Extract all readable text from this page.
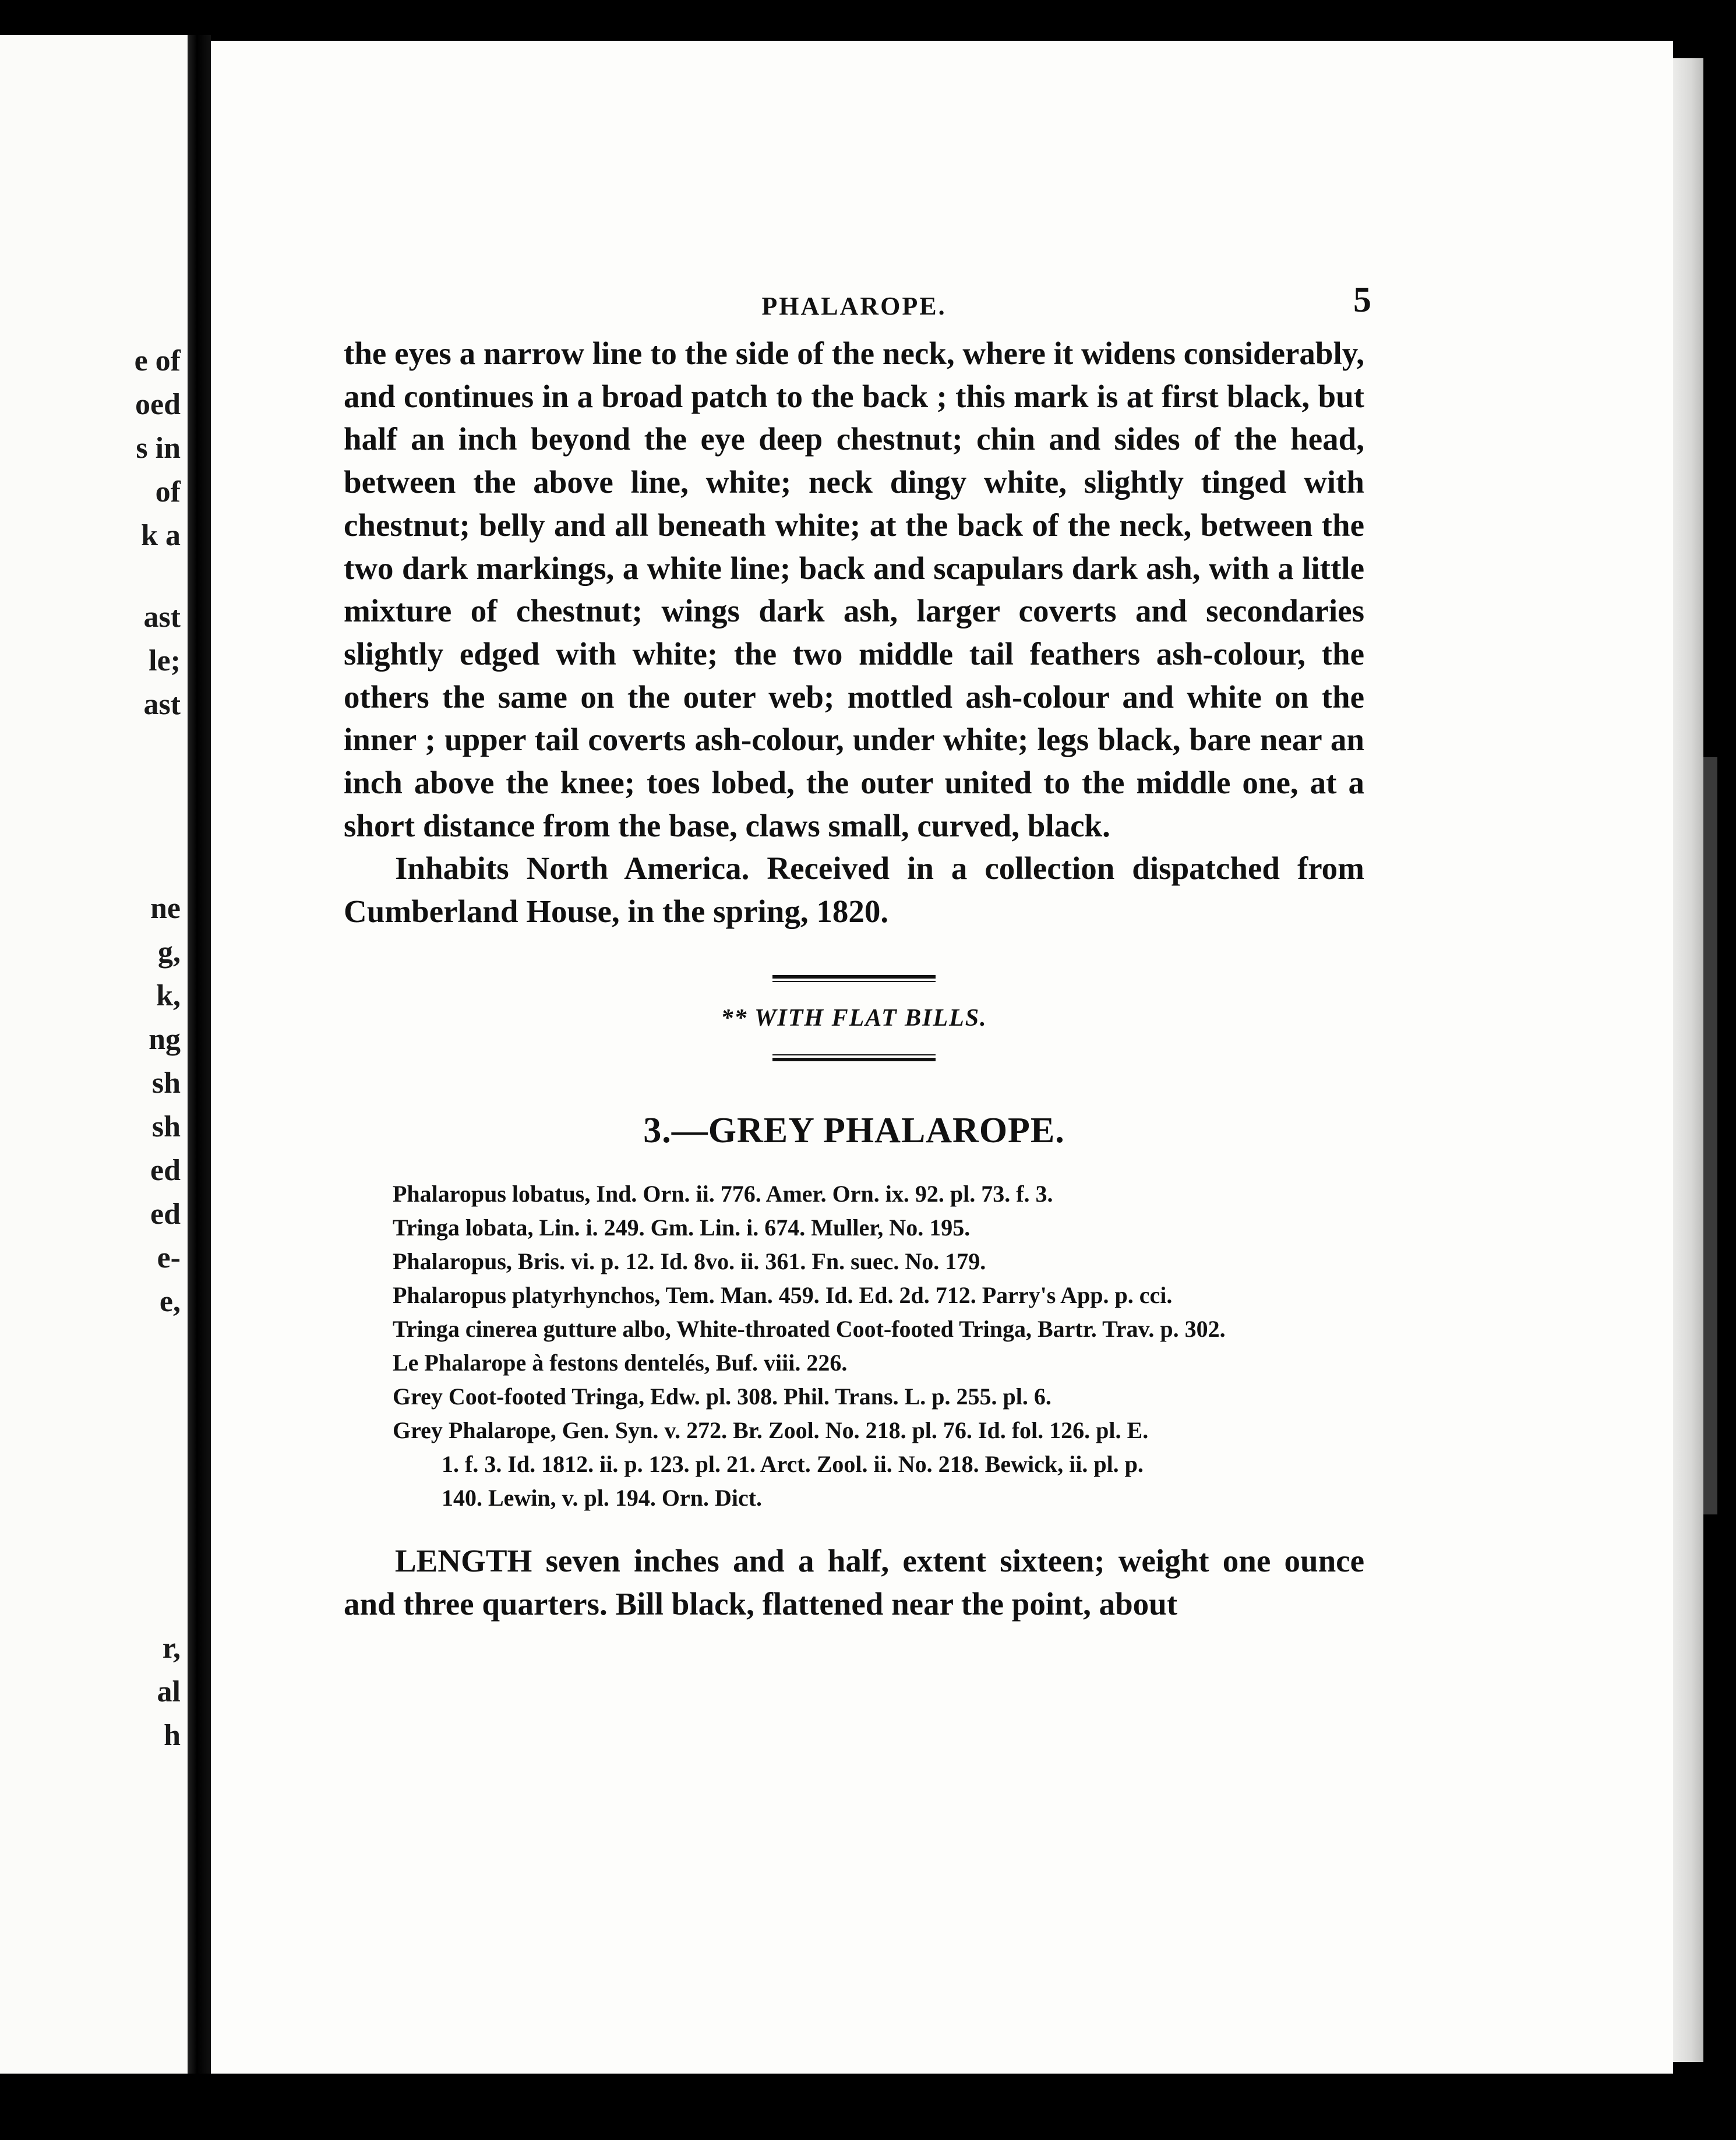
e of
oed
s in
of
k a
ast
le;
ast
ne
g,
k,
ng
sh
sh
ed
ed
e-
e,
r,
al
h
PHALAROPE.	5

the eyes a narrow line to the side of the neck, where it widens considerably, and continues in a broad patch to the back ; this mark is at first black, but half an inch beyond the eye deep chestnut; chin and sides of the head, between the above line, white; neck dingy white, slightly tinged with chestnut; belly and all beneath white; at the back of the neck, between the two dark markings, a white line; back and scapulars dark ash, with a little mixture of chestnut; wings dark ash, larger coverts and secondaries slightly edged with white; the two middle tail feathers ash-colour, the others the same on the outer web; mottled ash-colour and white on the inner ; upper tail coverts ash-colour, under white; legs black, bare near an inch above the knee; toes lobed, the outer united to the middle one, at a short distance from the base, claws small, curved, black.

Inhabits North America. Received in a collection dispatched from Cumberland House, in the spring, 1820.

** WITH FLAT BILLS.
3.—GREY PHALAROPE.
Phalaropus lobatus, Ind. Orn. ii. 776. Amer. Orn. ix. 92. pl. 73. f. 3.
Tringa lobata, Lin. i. 249. Gm. Lin. i. 674. Muller, No. 195.
Phalaropus, Bris. vi. p. 12. Id. 8vo. ii. 361. Fn. suec. No. 179.
Phalaropus platyrhynchos, Tem. Man. 459. Id. Ed. 2d. 712. Parry's App. p. cci.
Tringa cinerea gutture albo, White-throated Coot-footed Tringa, Bartr. Trav. p. 302.
Le Phalarope à festons dentelés, Buf. viii. 226.
Grey Coot-footed Tringa, Edw. pl. 308. Phil. Trans. L. p. 255. pl. 6.
Grey Phalarope, Gen. Syn. v. 272. Br. Zool. No. 218. pl. 76. Id. fol. 126. pl. E.
1. f. 3. Id. 1812. ii. p. 123. pl. 21. Arct. Zool. ii. No. 218. Bewick, ii. pl. p.
140. Lewin, v. pl. 194. Orn. Dict.

LENGTH seven inches and a half, extent sixteen; weight one ounce and three quarters. Bill black, flattened near the point, about
